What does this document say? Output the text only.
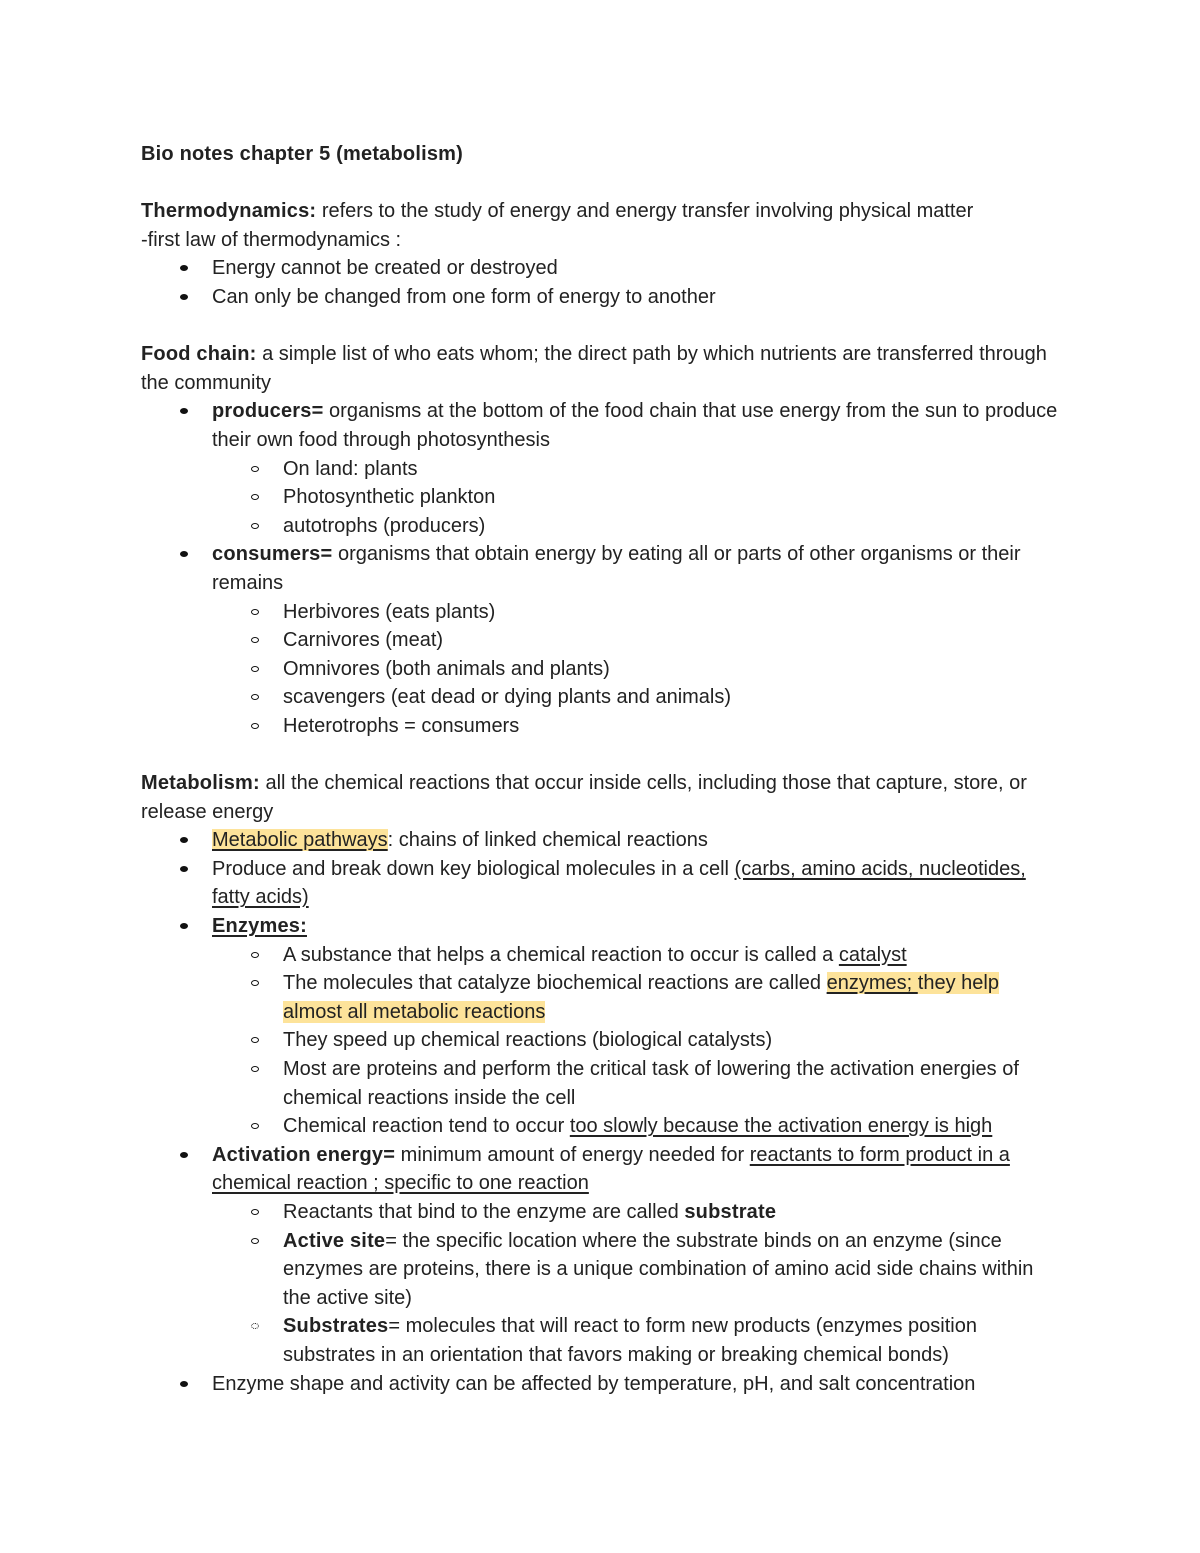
Bio notes chapter 5 (metabolism)

Thermodynamics: refers to the study of energy and energy transfer involving physical matter

-first law of thermodynamics :

Energy cannot be created or destroyed
Can only be changed from one form of energy to another

Food chain: a simple list of who eats whom; the direct path by which nutrients are transferred through the community

producers= organisms at the bottom of the food chain that use energy from the sun to produce their own food through photosynthesis
On land: plants
Photosynthetic plankton
autotrophs (producers)
consumers= organisms that obtain energy by eating all or parts of other organisms or their remains
Herbivores (eats plants)
Carnivores (meat)
Omnivores (both animals and plants)
scavengers (eat dead or dying plants and animals)
Heterotrophs = consumers

Metabolism: all the chemical reactions that occur inside cells, including those that capture, store, or release energy

Metabolic pathways: chains of linked chemical reactions
Produce and break down key biological molecules in a cell (carbs, amino acids, nucleotides, fatty acids)
Enzymes:
A substance that helps a chemical reaction to occur is called a catalyst
The molecules that catalyze biochemical reactions are called enzymes; they help almost all metabolic reactions
They speed up chemical reactions (biological catalysts)
Most are proteins and perform the critical task of lowering the activation energies of chemical reactions inside the cell
Chemical reaction tend to occur too slowly because the activation energy is high
Activation energy= minimum amount of energy needed for reactants to form product in a chemical reaction ; specific to one reaction
Reactants that bind to the enzyme are called substrate
Active site= the specific location where the substrate binds on an enzyme (since enzymes are proteins, there is a unique combination of amino acid side chains within the active site)
Substrates= molecules that will react to form new products (enzymes position substrates in an orientation that favors making or breaking chemical bonds)
Enzyme shape and activity can be affected by temperature, pH, and salt concentration
